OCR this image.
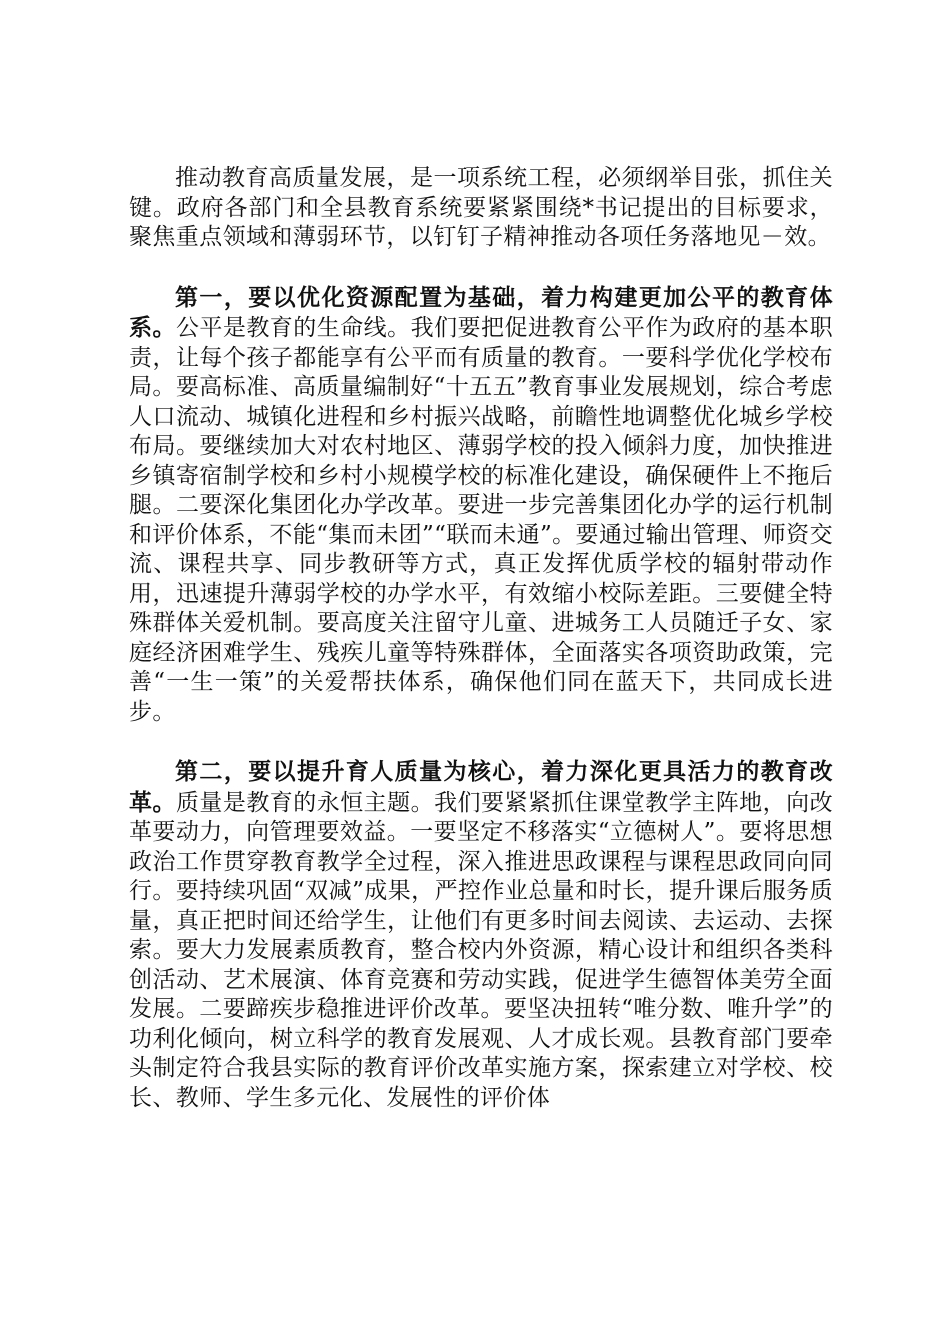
推动教育高质量发展，是一项系统工程，必须纲举目张，抓住关键。政府各部门和全县教育系统要紧紧围绕*书记提出的目标要求，聚焦重点领域和薄弱环节，以钉钉子精神推动各项任务落地见－效。

第一，要以优化资源配置为基础，着力构建更加公平的教育体系。公平是教育的生命线。我们要把促进教育公平作为政府的基本职责，让每个孩子都能享有公平而有质量的教育。一要科学优化学校布局。要高标准、高质量编制好“十五五”教育事业发展规划，综合考虑人口流动、城镇化进程和乡村振兴战略，前瞻性地调整优化城乡学校布局。要继续加大对农村地区、薄弱学校的投入倾斜力度，加快推进乡镇寄宿制学校和乡村小规模学校的标准化建设，确保硬件上不拖后腿。二要深化集团化办学改革。要进一步完善集团化办学的运行机制和评价体系，不能“集而未团”“联而未通”。要通过输出管理、师资交流、课程共享、同步教研等方式，真正发挥优质学校的辐射带动作用，迅速提升薄弱学校的办学水平，有效缩小校际差距。三要健全特殊群体关爱机制。要高度关注留守儿童、进城务工人员随迁子女、家庭经济困难学生、残疾儿童等特殊群体，全面落实各项资助政策，完善“一生一策”的关爱帮扶体系，确保他们同在蓝天下，共同成长进步。

第二，要以提升育人质量为核心，着力深化更具活力的教育改革。质量是教育的永恒主题。我们要紧紧抓住课堂教学主阵地，向改革要动力，向管理要效益。一要坚定不移落实“立德树人”。要将思想政治工作贯穿教育教学全过程，深入推进思政课程与课程思政同向同行。要持续巩固“双减”成果，严控作业总量和时长，提升课后服务质量，真正把时间还给学生，让他们有更多时间去阅读、去运动、去探索。要大力发展素质教育，整合校内外资源，精心设计和组织各类科创活动、艺术展演、体育竞赛和劳动实践，促进学生德智体美劳全面发展。二要蹄疾步稳推进评价改革。要坚决扭转“唯分数、唯升学”的功利化倾向，树立科学的教育发展观、人才成长观。县教育部门要牵头制定符合我县实际的教育评价改革实施方案，探索建立对学校、校长、教师、学生多元化、发展性的评价体
